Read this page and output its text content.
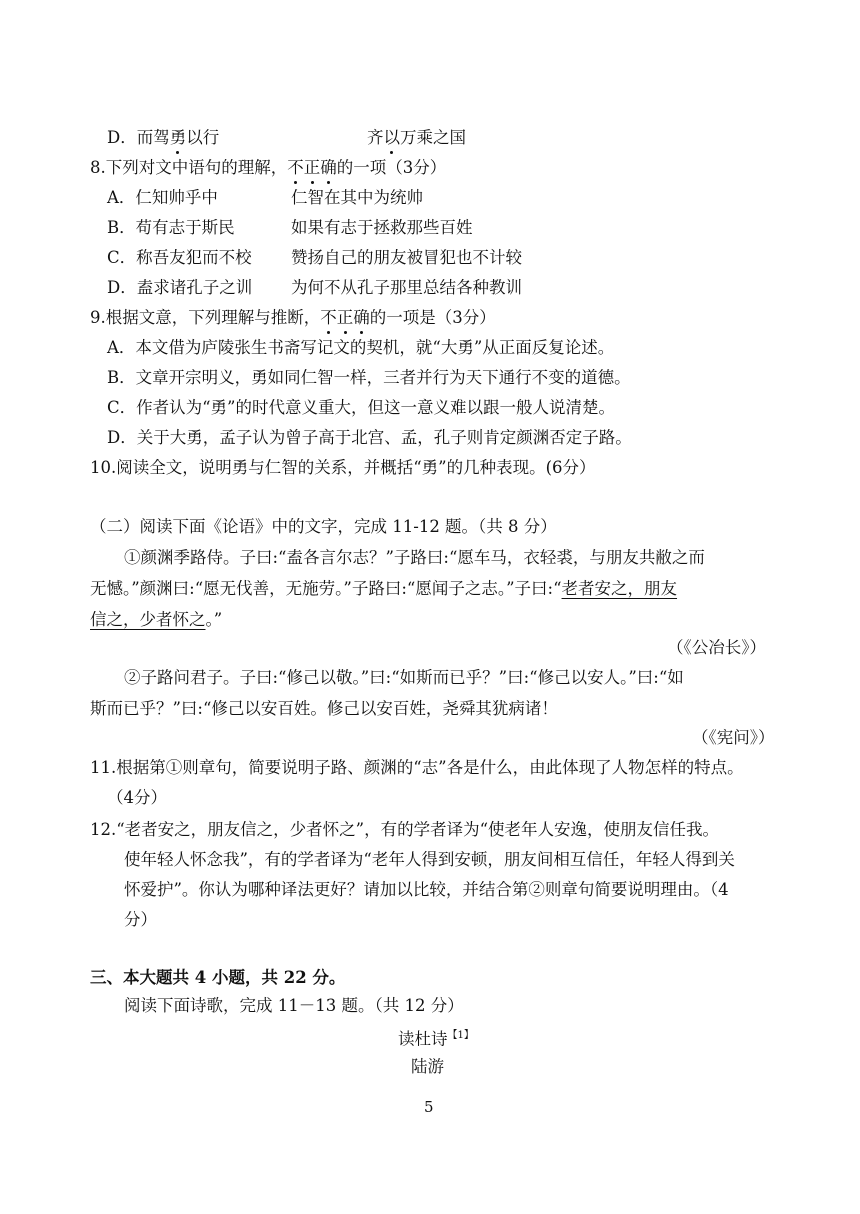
D．而驾勇以行	齐以万乘之国
8.下列对文中语句的理解，不正确的一项（3分）
A．仁知帅乎中	仁智在其中为统帅
B．苟有志于斯民	如果有志于拯救那些百姓
C．称吾友犯而不校 赞扬自己的朋友被冒犯也不计较
D．盍求诸孔子之训 为何不从孔子那里总结各种教训
9.根据文意，下列理解与推断，不正确的一项是（3分）
A．本文借为庐陵张生书斋写记文的契机，就“大勇”从正面反复论述。
B．文章开宗明义，勇如同仁智一样，三者并行为天下通行不变的道德。
C．作者认为“勇”的时代意义重大，但这一意义难以跟一般人说清楚。
D．关于大勇，孟子认为曾子高于北宫、孟，孔子则肯定颜渊否定子路。
10.阅读全文，说明勇与仁智的关系，并概括“勇”的几种表现。(6分）
（二）阅读下面《论语》中的文字，完成 11-12 题。（共 8 分）
①颜渊季路侍。子曰:“盍各言尔志？”子路曰:“愿车马，衣轻裘，与朋友共敝之而
无憾。”颜渊曰:“愿无伐善，无施劳。”子路曰:“愿闻子之志。”子曰:“老者安之，朋友
信之，少者怀之。”
（《公冶长》）
②子路问君子。子曰:“修己以敬。”曰:“如斯而已乎？”曰:“修己以安人。”曰:“如
斯而已乎？”曰:“修己以安百姓。修己以安百姓，尧舜其犹病诸！
（《宪问》）
11.根据第①则章句，简要说明子路、颜渊的“志”各是什么，由此体现了人物怎样的特点。
（4分）
12.“老者安之，朋友信之，少者怀之”，有的学者译为“使老年人安逸，使朋友信任我。
使年轻人怀念我”，有的学者译为“老年人得到安顿，朋友间相互信任，年轻人得到关
怀爱护”。你认为哪种译法更好？请加以比较，并结合第②则章句简要说明理由。（4
分）
三、本大题共 4 小题，共 22 分。
阅读下面诗歌，完成 11－13 题。（共 12 分）
读杜诗$^{【1】}$
陆游
5
